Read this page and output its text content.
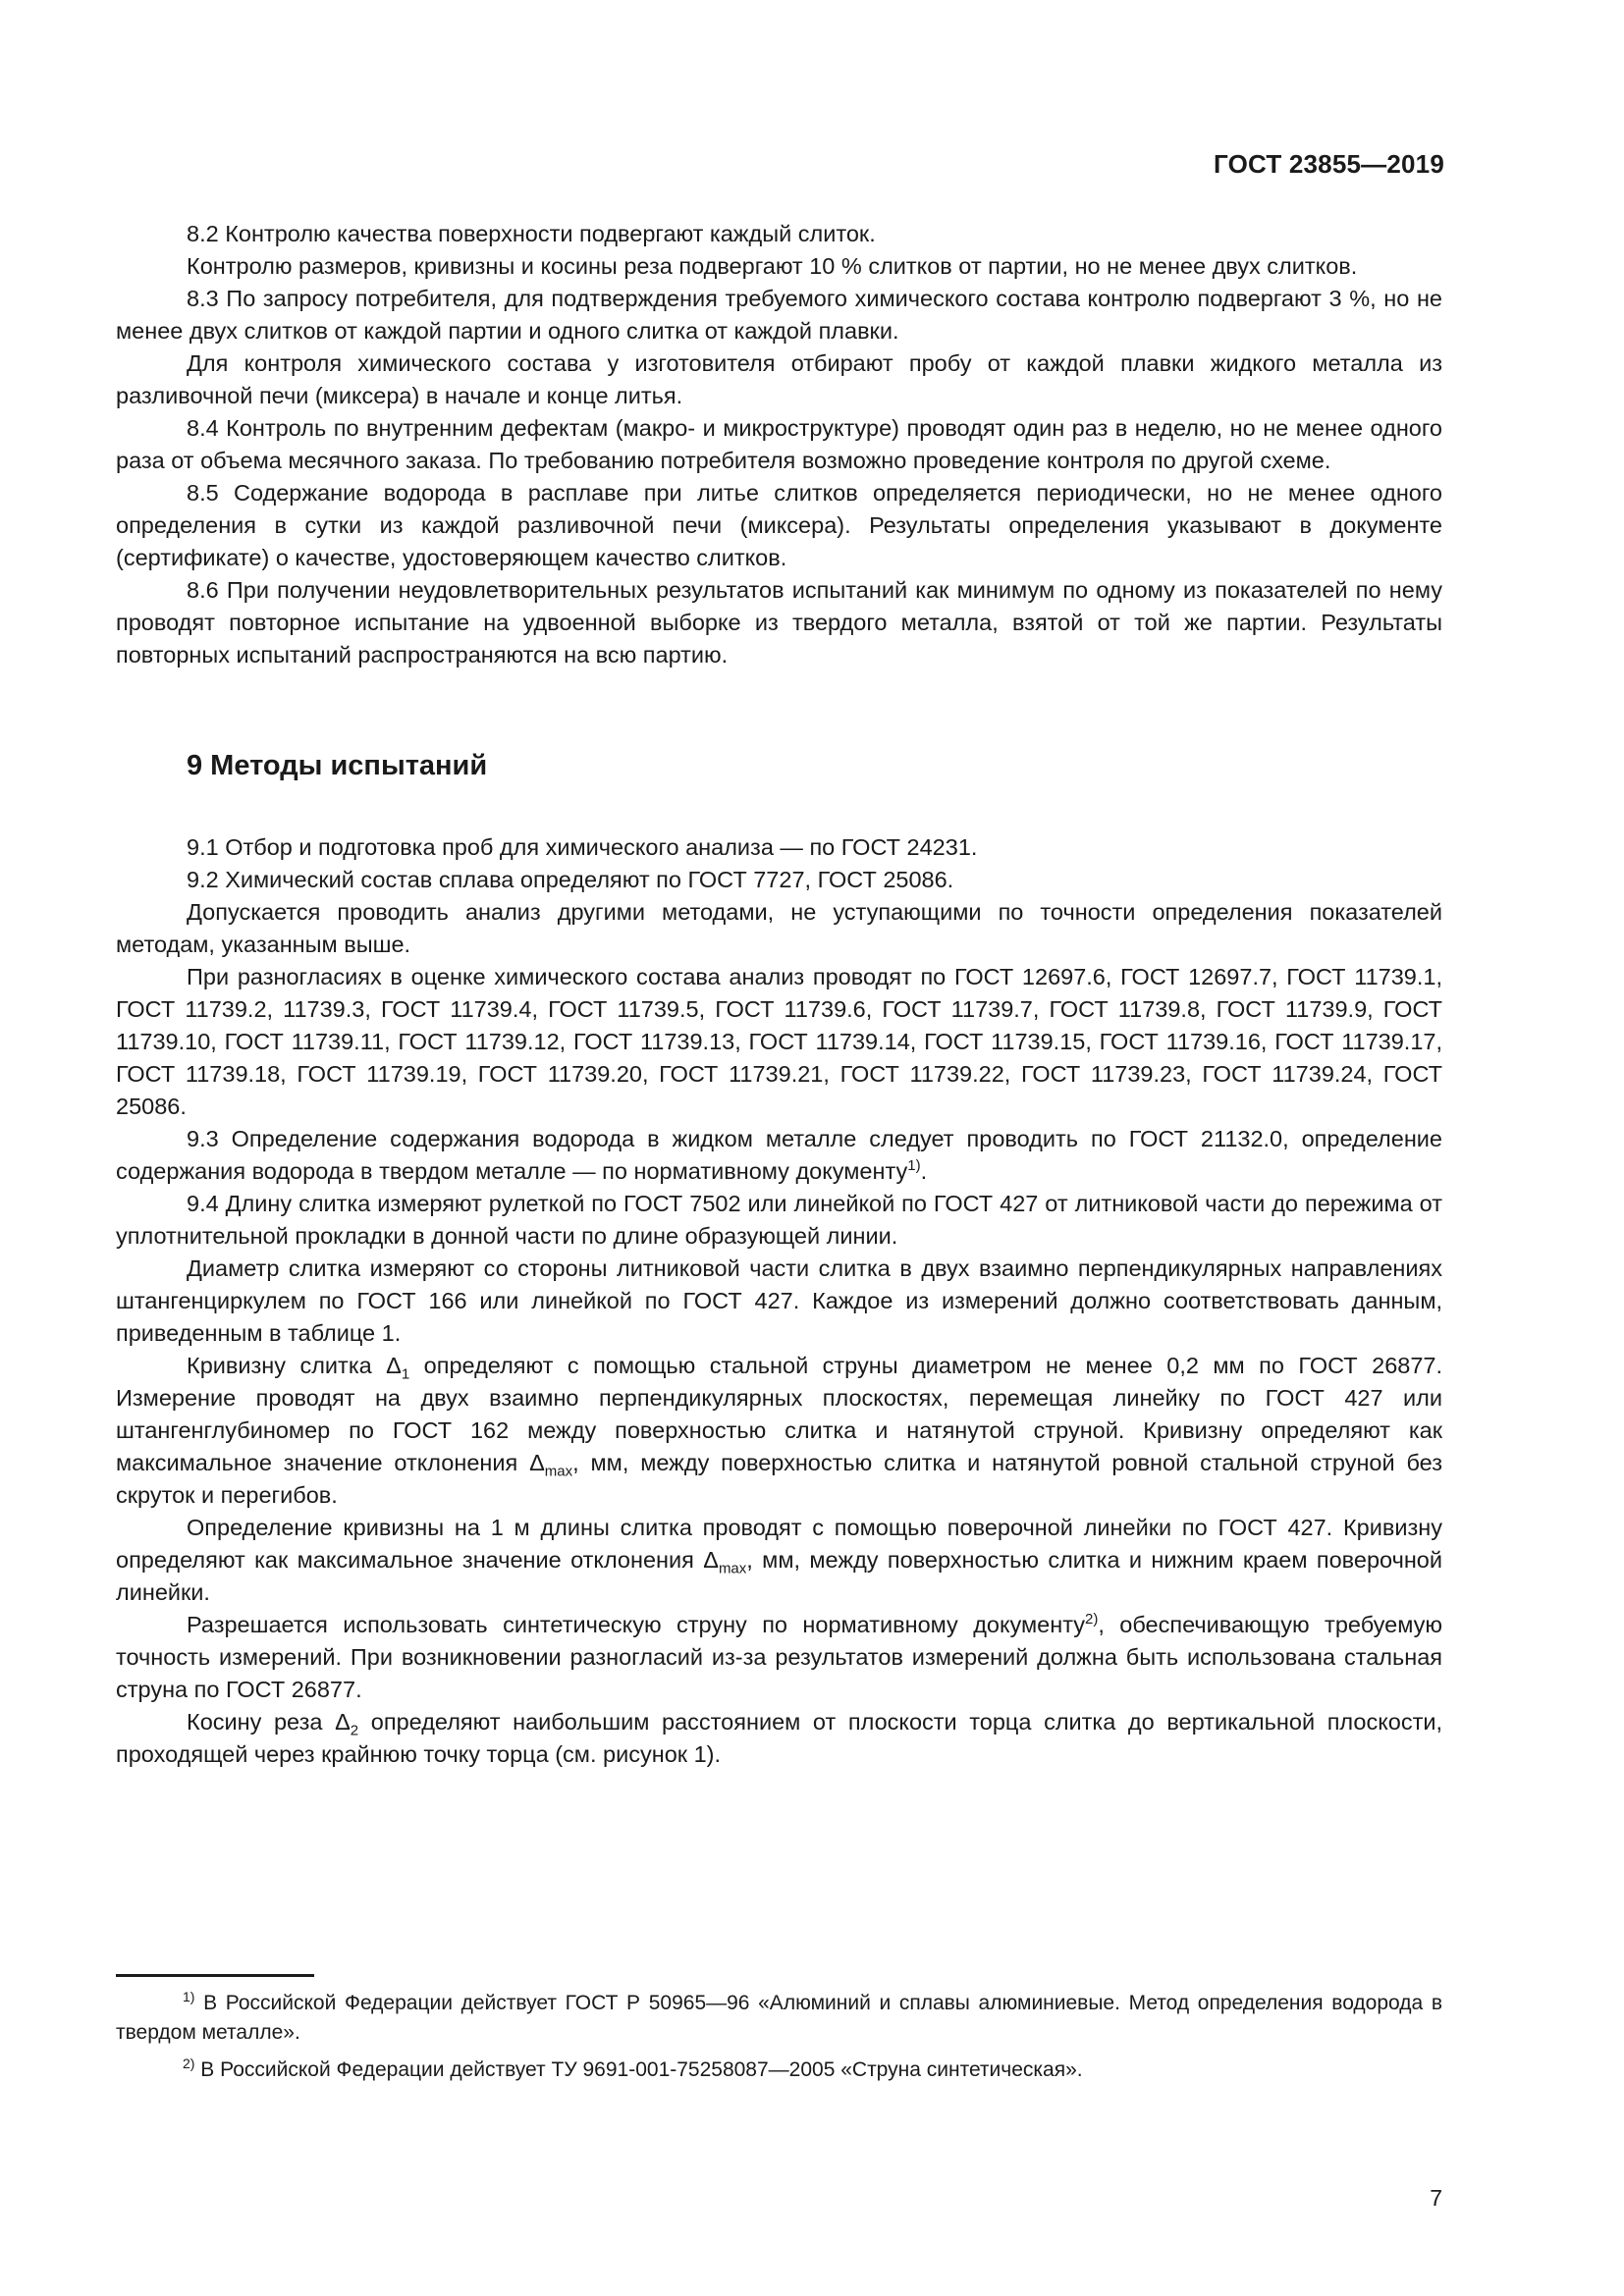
ГОСТ 23855—2019

8.2 Контролю качества поверхности подвергают каждый слиток.

Контролю размеров, кривизны и косины реза подвергают 10 % слитков от партии, но не менее двух слитков.

8.3 По запросу потребителя, для подтверждения требуемого химического состава контролю подвергают 3 %, но не менее двух слитков от каждой партии и одного слитка от каждой плавки.

Для контроля химического состава у изготовителя отбирают пробу от каждой плавки жидкого металла из разливочной печи (миксера) в начале и конце литья.

8.4 Контроль по внутренним дефектам (макро- и микроструктуре) проводят один раз в неделю, но не менее одного раза от объема месячного заказа. По требованию потребителя возможно проведение контроля по другой схеме.

8.5 Содержание водорода в расплаве при литье слитков определяется периодически, но не менее одного определения в сутки из каждой разливочной печи (миксера). Результаты определения указывают в документе (сертификате) о качестве, удостоверяющем качество слитков.

8.6 При получении неудовлетворительных результатов испытаний как минимум по одному из показателей по нему проводят повторное испытание на удвоенной выборке из твердого металла, взятой от той же партии. Результаты повторных испытаний распространяются на всю партию.

9 Методы испытаний

9.1 Отбор и подготовка проб для химического анализа — по ГОСТ 24231.

9.2 Химический состав сплава определяют по ГОСТ 7727, ГОСТ 25086.

Допускается проводить анализ другими методами, не уступающими по точности определения показателей методам, указанным выше.

При разногласиях в оценке химического состава анализ проводят по ГОСТ 12697.6, ГОСТ 12697.7, ГОСТ 11739.1, ГОСТ 11739.2, 11739.3, ГОСТ 11739.4, ГОСТ 11739.5, ГОСТ 11739.6, ГОСТ 11739.7, ГОСТ 11739.8, ГОСТ 11739.9, ГОСТ 11739.10, ГОСТ 11739.11, ГОСТ 11739.12, ГОСТ 11739.13, ГОСТ 11739.14, ГОСТ 11739.15, ГОСТ 11739.16, ГОСТ 11739.17, ГОСТ 11739.18, ГОСТ 11739.19, ГОСТ 11739.20, ГОСТ 11739.21, ГОСТ 11739.22, ГОСТ 11739.23, ГОСТ 11739.24, ГОСТ 25086.

9.3 Определение содержания водорода в жидком металле следует проводить по ГОСТ 21132.0, определение содержания водорода в твердом металле — по нормативному документу$^{1)}$.

9.4 Длину слитка измеряют рулеткой по ГОСТ 7502 или линейкой по ГОСТ 427 от литниковой части до пережима от уплотнительной прокладки в донной части по длине образующей линии.

Диаметр слитка измеряют со стороны литниковой части слитка в двух взаимно перпендикулярных направлениях штангенциркулем по ГОСТ 166 или линейкой по ГОСТ 427. Каждое из измерений должно соответствовать данным, приведенным в таблице 1.

Кривизну слитка $\Delta_1$ определяют с помощью стальной струны диаметром не менее 0,2 мм по ГОСТ 26877. Измерение проводят на двух взаимно перпендикулярных плоскостях, перемещая линейку по ГОСТ 427 или штангенглубиномер по ГОСТ 162 между поверхностью слитка и натянутой струной. Кривизну определяют как максимальное значение отклонения $\Delta_{max}$, мм, между поверхностью слитка и натянутой ровной стальной струной без скруток и перегибов.

Определение кривизны на 1 м длины слитка проводят с помощью поверочной линейки по ГОСТ 427. Кривизну определяют как максимальное значение отклонения $\Delta_{max}$, мм, между поверхностью слитка и нижним краем поверочной линейки.

Разрешается использовать синтетическую струну по нормативному документу$^{2)}$, обеспечивающую требуемую точность измерений. При возникновении разногласий из-за результатов измерений должна быть использована стальная струна по ГОСТ 26877.

Косину реза $\Delta_2$ определяют наибольшим расстоянием от плоскости торца слитка до вертикальной плоскости, проходящей через крайнюю точку торца (см. рисунок 1).

$^{1)}$ В Российской Федерации действует ГОСТ Р 50965—96 «Алюминий и сплавы алюминиевые. Метод определения водорода в твердом металле».

$^{2)}$ В Российской Федерации действует ТУ 9691-001-75258087—2005 «Струна синтетическая».

7
